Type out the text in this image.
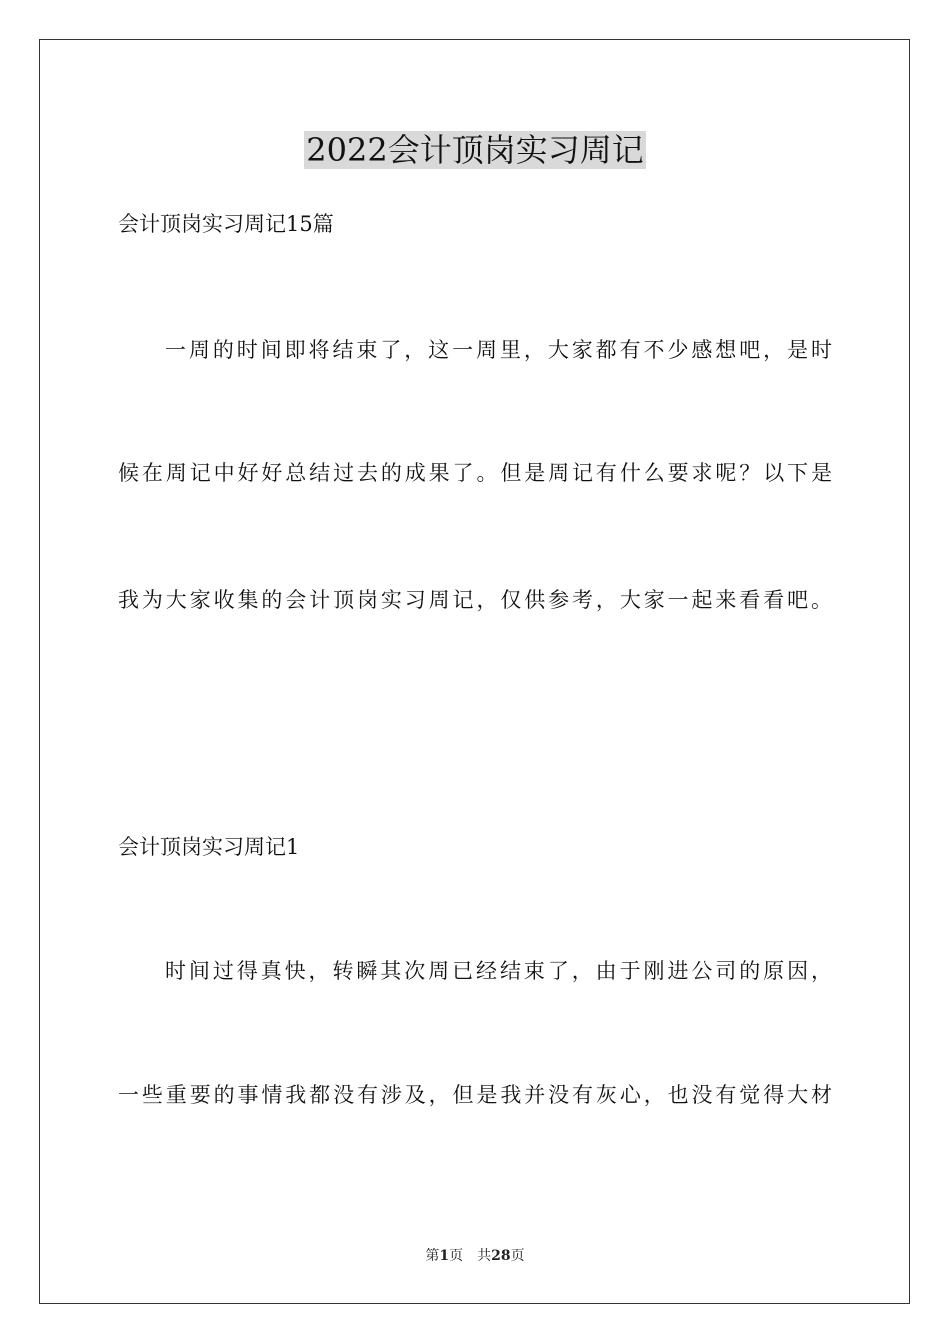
2022会计顶岗实习周记
会计顶岗实习周记15篇
一周的时间即将结束了，这一周里，大家都有不少感想吧，是时
候在周记中好好总结过去的成果了。但是周记有什么要求呢？以下是
我为大家收集的会计顶岗实习周记，仅供参考，大家一起来看看吧。
会计顶岗实习周记1
时间过得真快，转瞬其次周已经结束了，由于刚进公司的原因，
一些重要的事情我都没有涉及，但是我并没有灰心，也没有觉得大材
第1页 共28页
